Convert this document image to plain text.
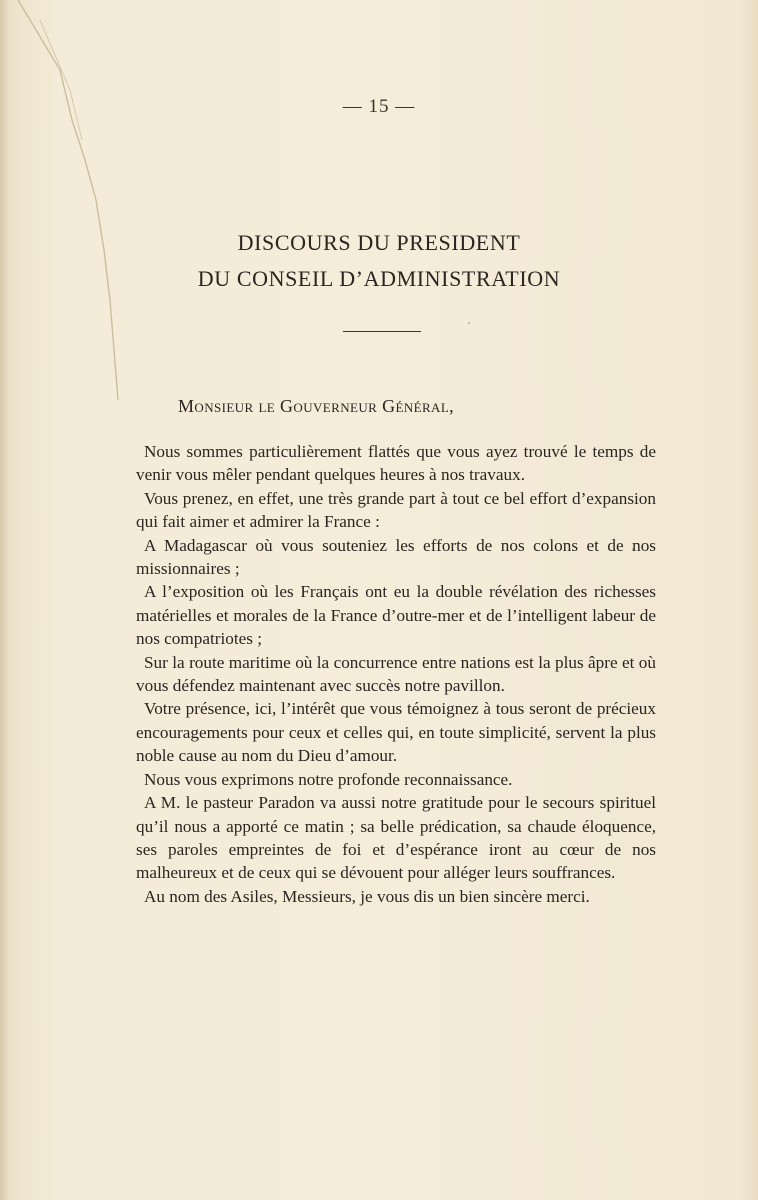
— 15 —
DISCOURS DU PRESIDENT
DU CONSEIL D’ADMINISTRATION
Monsieur le Gouverneur Général,

Nous sommes particulièrement flattés que vous ayez trouvé le temps de venir vous mêler pendant quelques heures à nos travaux.

Vous prenez, en effet, une très grande part à tout ce bel effort d’expansion qui fait aimer et admirer la France :

A Madagascar où vous souteniez les efforts de nos colons et de nos missionnaires ;

A l’exposition où les Français ont eu la double révélation des richesses matérielles et morales de la France d’outre-mer et de l’intelligent labeur de nos compatriotes ;

Sur la route maritime où la concurrence entre nations est la plus âpre et où vous défendez maintenant avec succès notre pavillon.

Votre présence, ici, l’intérêt que vous témoignez à tous seront de précieux encouragements pour ceux et celles qui, en toute simplicité, servent la plus noble cause au nom du Dieu d’amour.

Nous vous exprimons notre profonde reconnaissance.

A M. le pasteur Paradon va aussi notre gratitude pour le secours spirituel qu’il nous a apporté ce matin ; sa belle prédication, sa chaude éloquence, ses paroles empreintes de foi et d’espérance iront au cœur de nos malheureux et de ceux qui se dévouent pour alléger leurs souffrances.

Au nom des Asiles, Messieurs, je vous dis un bien sincère merci.
